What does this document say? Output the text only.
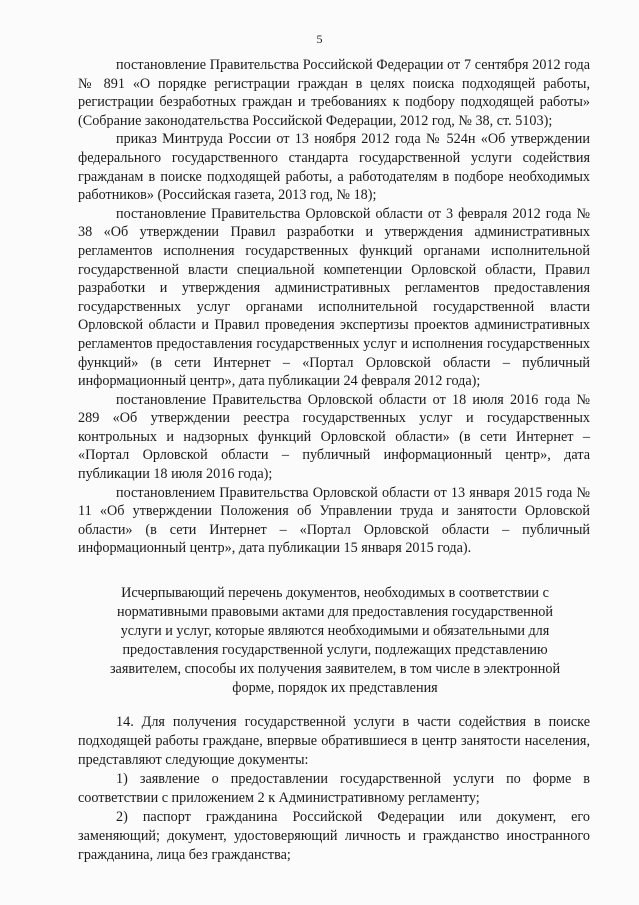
5

постановление Правительства Российской Федерации от 7 сентября 2012 года № 891 «О порядке регистрации граждан в целях поиска подходящей работы, регистрации безработных граждан и требованиях к подбору подходящей работы» (Собрание законодательства Российской Федерации, 2012 год, № 38, ст. 5103);

приказ Минтруда России от 13 ноября 2012 года № 524н «Об утверждении федерального государственного стандарта государственной услуги содействия гражданам в поиске подходящей работы, а работодателям в подборе необходимых работников» (Российская газета, 2013 год, № 18);

постановление Правительства Орловской области от 3 февраля 2012 года № 38 «Об утверждении Правил разработки и утверждения административных регламентов исполнения государственных функций органами исполнительной государственной власти специальной компетенции Орловской области, Правил разработки и утверждения административных регламентов предоставления государственных услуг органами исполнительной государственной власти Орловской области и Правил проведения экспертизы проектов административных регламентов предоставления государственных услуг и исполнения государственных функций» (в сети Интернет – «Портал Орловской области – публичный информационный центр», дата публикации 24 февраля 2012 года);

постановление Правительства Орловской области от 18 июля 2016 года № 289 «Об утверждении реестра государственных услуг и государственных контрольных и надзорных функций Орловской области» (в сети Интернет – «Портал Орловской области – публичный информационный центр», дата публикации 18 июля 2016 года);

постановлением Правительства Орловской области от 13 января 2015 года № 11 «Об утверждении Положения об Управлении труда и занятости Орловской области» (в сети Интернет – «Портал Орловской области – публичный информационный центр», дата публикации 15 января 2015 года).

Исчерпывающий перечень документов, необходимых в соответствии с нормативными правовыми актами для предоставления государственной услуги и услуг, которые являются необходимыми и обязательными для предоставления государственной услуги, подлежащих представлению заявителем, способы их получения заявителем, в том числе в электронной форме, порядок их представления

14. Для получения государственной услуги в части содействия в поиске подходящей работы граждане, впервые обратившиеся в центр занятости населения, представляют следующие документы:

1) заявление о предоставлении государственной услуги по форме в соответствии с приложением 2 к Административному регламенту;

2) паспорт гражданина Российской Федерации или документ, его заменяющий; документ, удостоверяющий личность и гражданство иностранного гражданина, лица без гражданства;
